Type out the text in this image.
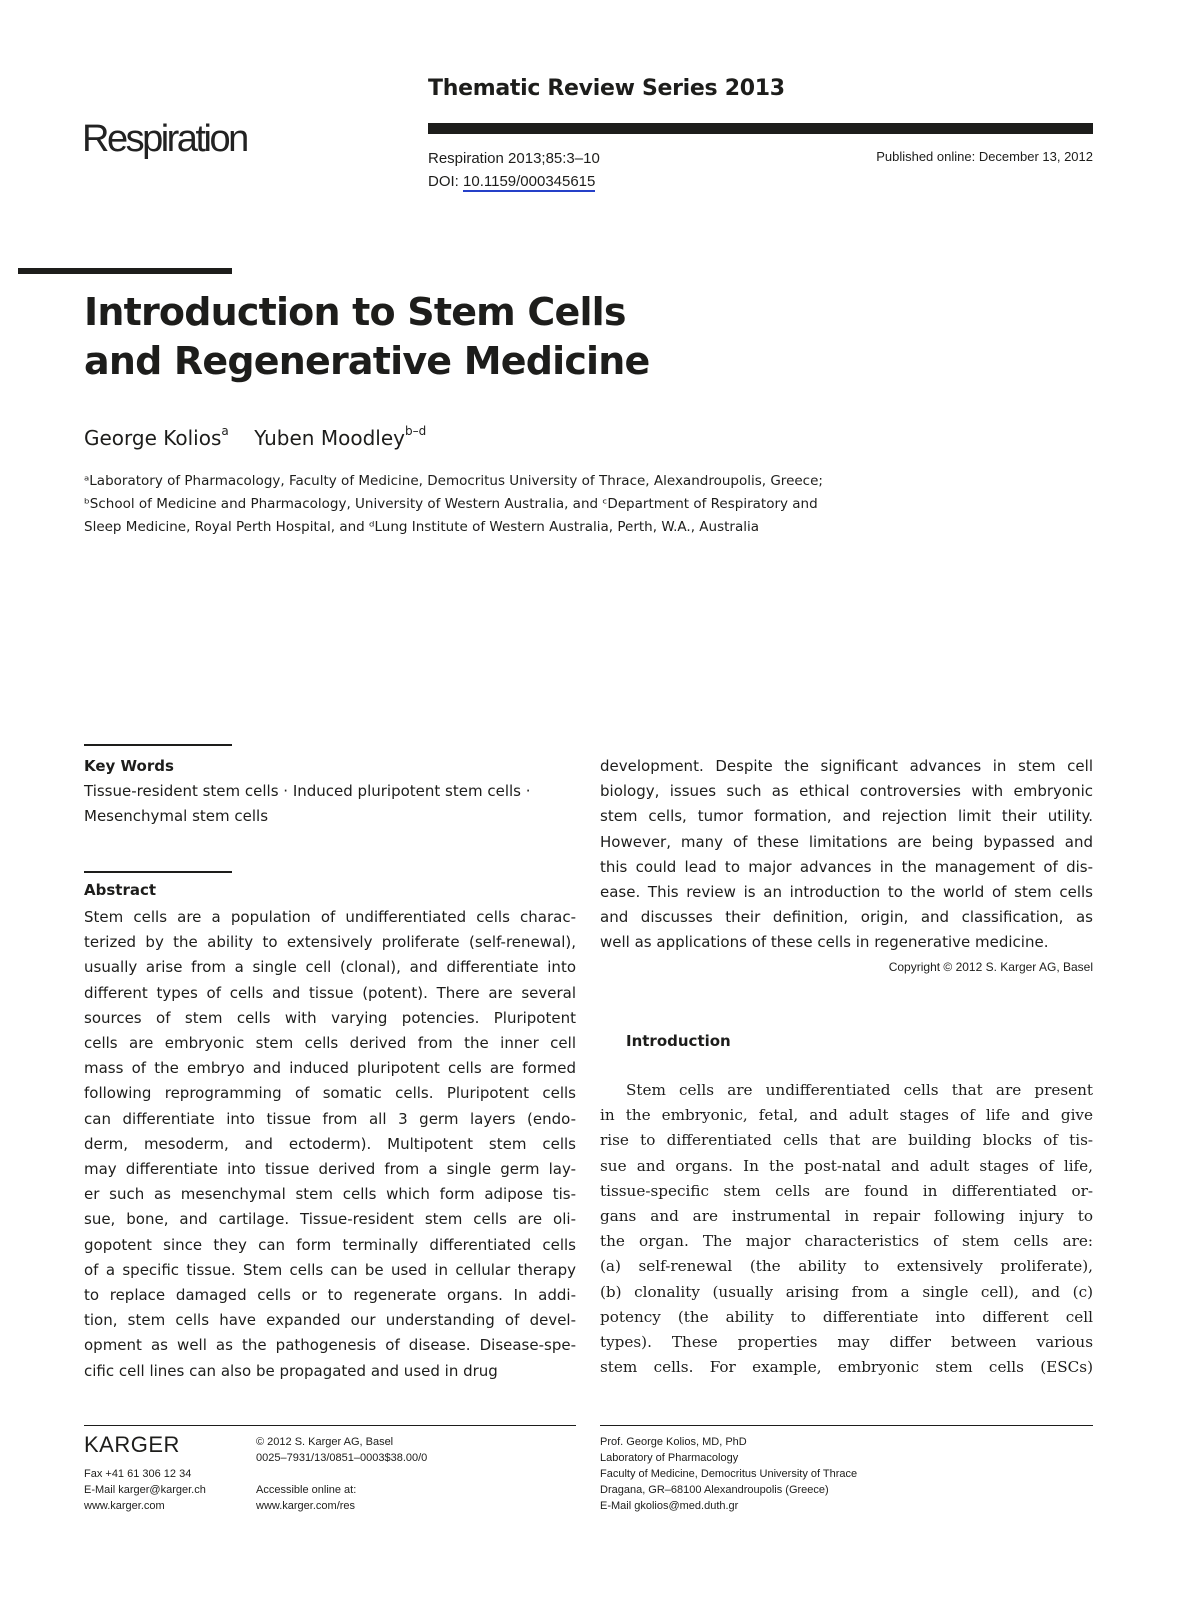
Respiration
Thematic Review Series 2013
Respiration 2013;85:3–10
DOI: 10.1159/000345615
Published online: December 13, 2012
Introduction to Stem Cells
and Regenerative Medicine
George Kolios$^a$ Yuben Moodley$^{b-d}$
ᵃLaboratory of Pharmacology, Faculty of Medicine, Democritus University of Thrace, Alexandroupolis, Greece;
ᵇSchool of Medicine and Pharmacology, University of Western Australia, and ᶜDepartment of Respiratory and
Sleep Medicine, Royal Perth Hospital, and ᵈLung Institute of Western Australia, Perth, W.A., Australia
Key Words
Tissue-resident stem cells · Induced pluripotent stem cells ·
Mesenchymal stem cells
Abstract
Stem cells are a population of undifferentiated cells charac-
terized by the ability to extensively proliferate (self-renewal),
usually arise from a single cell (clonal), and differentiate into
different types of cells and tissue (potent). There are several
sources of stem cells with varying potencies. Pluripotent
cells are embryonic stem cells derived from the inner cell
mass of the embryo and induced pluripotent cells are formed
following reprogramming of somatic cells. Pluripotent cells
can differentiate into tissue from all 3 germ layers (endo-
derm, mesoderm, and ectoderm). Multipotent stem cells
may differentiate into tissue derived from a single germ lay-
er such as mesenchymal stem cells which form adipose tis-
sue, bone, and cartilage. Tissue-resident stem cells are oli-
gopotent since they can form terminally differentiated cells
of a specific tissue. Stem cells can be used in cellular therapy
to replace damaged cells or to regenerate organs. In addi-
tion, stem cells have expanded our understanding of devel-
opment as well as the pathogenesis of disease. Disease-spe-
cific cell lines can also be propagated and used in drug
development. Despite the significant advances in stem cell
biology, issues such as ethical controversies with embryonic
stem cells, tumor formation, and rejection limit their utility.
However, many of these limitations are being bypassed and
this could lead to major advances in the management of dis-
ease. This review is an introduction to the world of stem cells
and discusses their definition, origin, and classification, as
well as applications of these cells in regenerative medicine.
Copyright © 2012 S. Karger AG, Basel
Introduction
Stem cells are undifferentiated cells that are present
in the embryonic, fetal, and adult stages of life and give
rise to differentiated cells that are building blocks of tis-
sue and organs. In the post-natal and adult stages of life,
tissue-specific stem cells are found in differentiated or-
gans and are instrumental in repair following injury to
the organ. The major characteristics of stem cells are:
(a) self-renewal (the ability to extensively proliferate),
(b) clonality (usually arising from a single cell), and (c)
potency (the ability to differentiate into different cell
types). These properties may differ between various
stem cells. For example, embryonic stem cells (ESCs)
KARGER
Fax +41 61 306 12 34
E-Mail karger@karger.ch
www.karger.com
© 2012 S. Karger AG, Basel
0025–7931/13/0851–0003$38.00/0
Accessible online at:
www.karger.com/res
Prof. George Kolios, MD, PhD
Laboratory of Pharmacology
Faculty of Medicine, Democritus University of Thrace
Dragana, GR–68100 Alexandroupolis (Greece)
E-Mail gkolios@med.duth.gr
